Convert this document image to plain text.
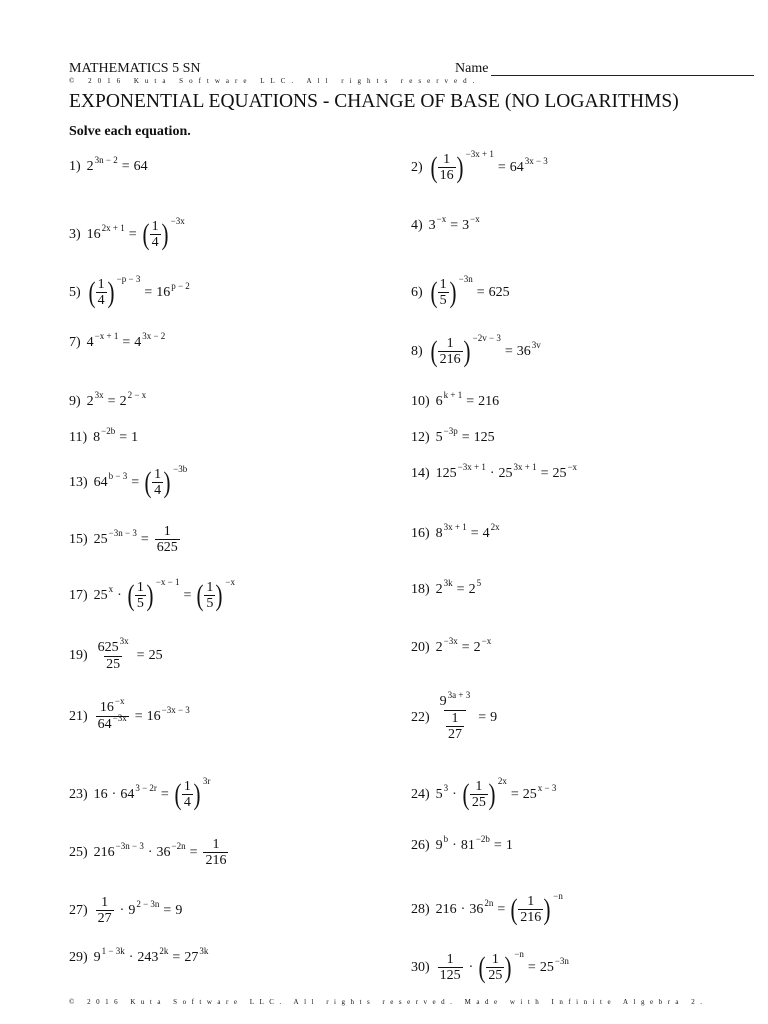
MATHEMATICS 5 SN	Name
© 2016 Kuta Software LLC. All rights reserved.
EXPONENTIAL EQUATIONS - CHANGE OF BASE (NO LOGARITHMS)
Solve each equation.
1) $2^{3n - 2} = 64$	2) ( $\frac{1}{16}$ ) $^{-3x + 1}$
= $64^{3x - 3}$
3) $16^{2x + 1}$ = ( $\frac{1}{4}$ ) $^{-3x}$	4) $3^{-x} = 3^{-x}$
5) ( $\frac{1}{4}$ ) $^{-p - 3}$
= $16^{p - 2}$	6) ( $\frac{1}{5}$ ) $^{-3n}$
= 625
7) $4^{-x + 1} = 4^{3x - 2}$
8) ( $\frac{1}{216}$ ) $^{-2v - 3}$
= $36^{3v}$
9) $2^{3x} = 2^{2 - x}$	10) $6^{k + 1} = 216$
11) $8^{-2b} = 1$	12) $5^{-3p} = 125$
13) $64^{b - 3}$ = ( $\frac{1}{4}$ ) $^{-3b}$	14) $125^{-3x + 1} \cdot 25^{3x + 1} = 25^{-x}$
15) $25^{-3n - 3} = \frac{1}{625}$	16) $8^{3x + 1} = 4^{2x}$
17) $25^x$ · ( $\frac{1}{5}$ ) $^{-x - 1}$
= ( $\frac{1}{5}$ ) $^{-x}$
18) $2^{3k} = 2^5$
$19) \frac{625^{3x}}{25} = 25$
20) $2^{-3x} = 2^{-x}$
$21) \frac{16^{-x}}{64^{-3x}} = 16^{-3x - 3}$
$22) \frac{9^{3a + 3}}{\frac{1}{27}} = 9$
23) $16 \cdot 64^{3 - 2r}$ = ( $\frac{1}{4}$ ) $^{3r}$
24) $5^3$ · ( $\frac{1}{25}$ ) $^{2x}$
= $25^{x - 3}$
25) $216^{-3n - 3} \cdot 36^{-2n} = \frac{1}{216}$	26) $9^b \cdot 81^{-2b} = 1$
$27) \frac{1}{27} \cdot 9^{2 - 3n} = 9$	28) $216 \cdot 36^{2n}$ = ( $\frac{1}{216}$ ) $^{-n}$
29) $9^{1 - 3k} \cdot 243^{2k} = 27^{3k}$
$30) \frac{1}{125}$ · ( $\frac{1}{25}$ ) $^{-n}$
= $25^{-3n}$
© 2016 Kuta Software LLC. All rights reserved. Made with Infinite Algebra 2.
